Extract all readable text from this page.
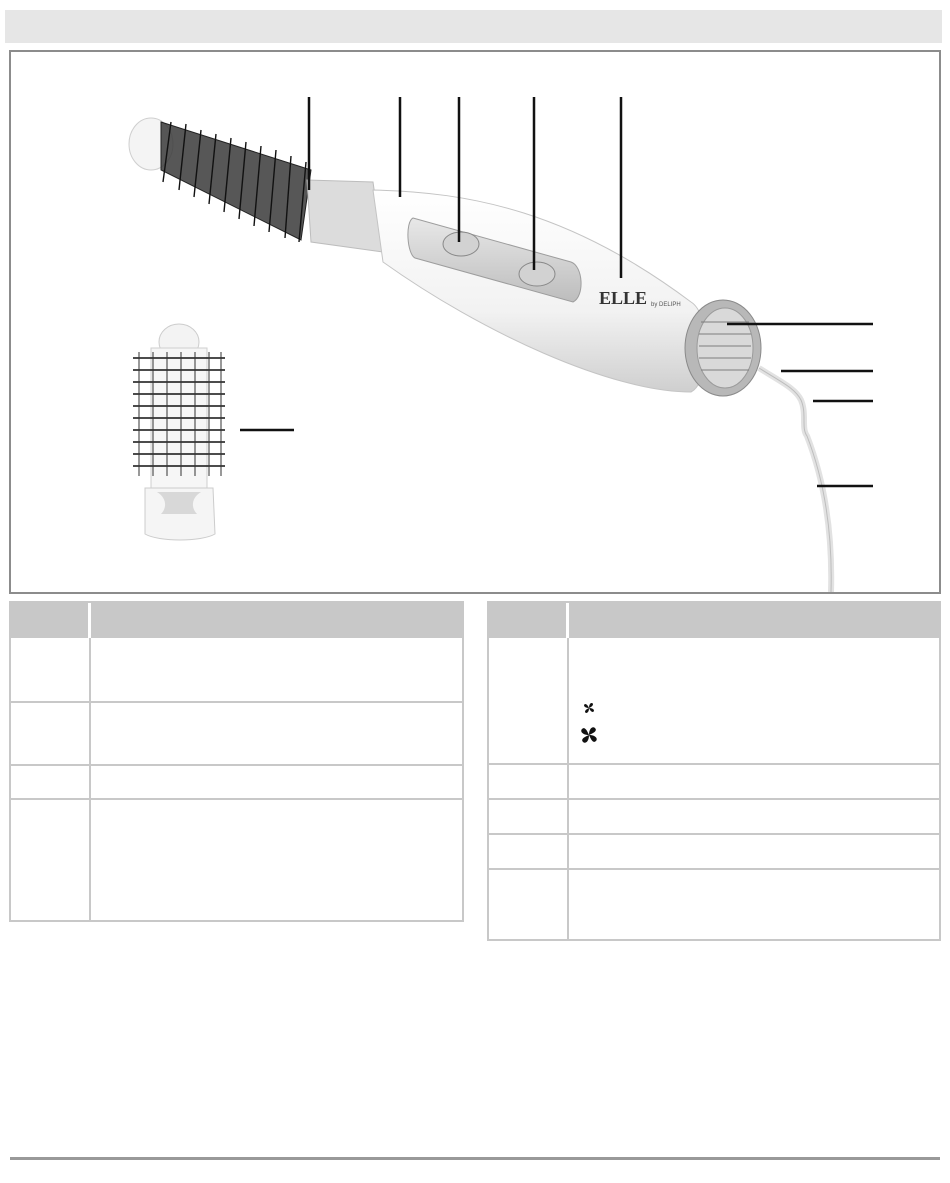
ELLE by DELIPH
